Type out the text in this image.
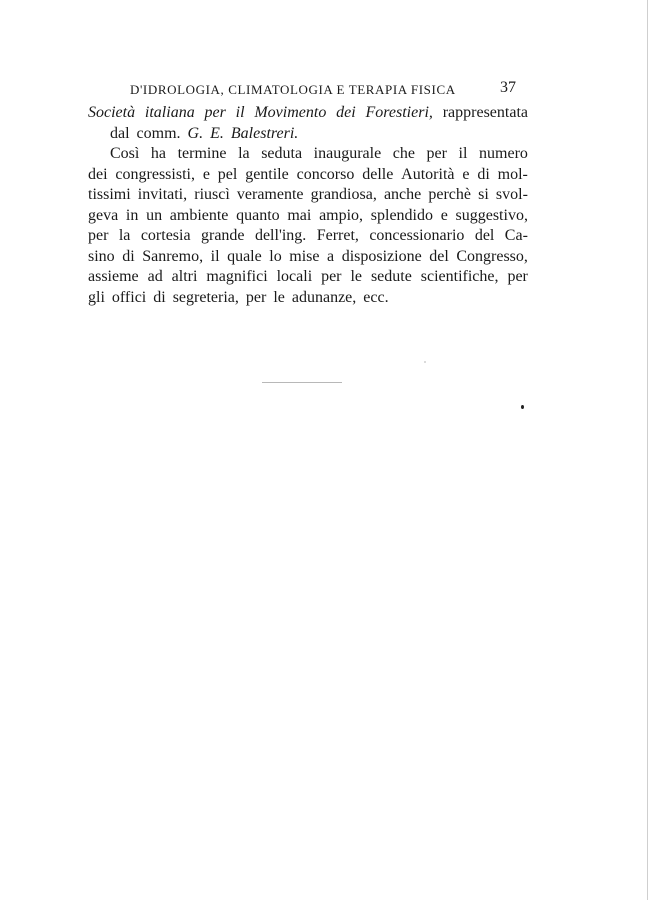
D'IDROLOGIA, CLIMATOLOGIA E TERAPIA FISICA	37
Società italiana per il Movimento dei Forestieri, rappresentata
dal comm. G. E. Balestreri.
Così ha termine la seduta inaugurale che per il numero
dei congressisti, e pel gentile concorso delle Autorità e di mol-
tissimi invitati, riuscì veramente grandiosa, anche perchè si svol-
geva in un ambiente quanto mai ampio, splendido e suggestivo,
per la cortesia grande dell'ing. Ferret, concessionario del Ca-
sino di Sanremo, il quale lo mise a disposizione del Congresso,
assieme ad altri magnifici locali per le sedute scientifiche, per
gli offici di segreteria, per le adunanze, ecc.
